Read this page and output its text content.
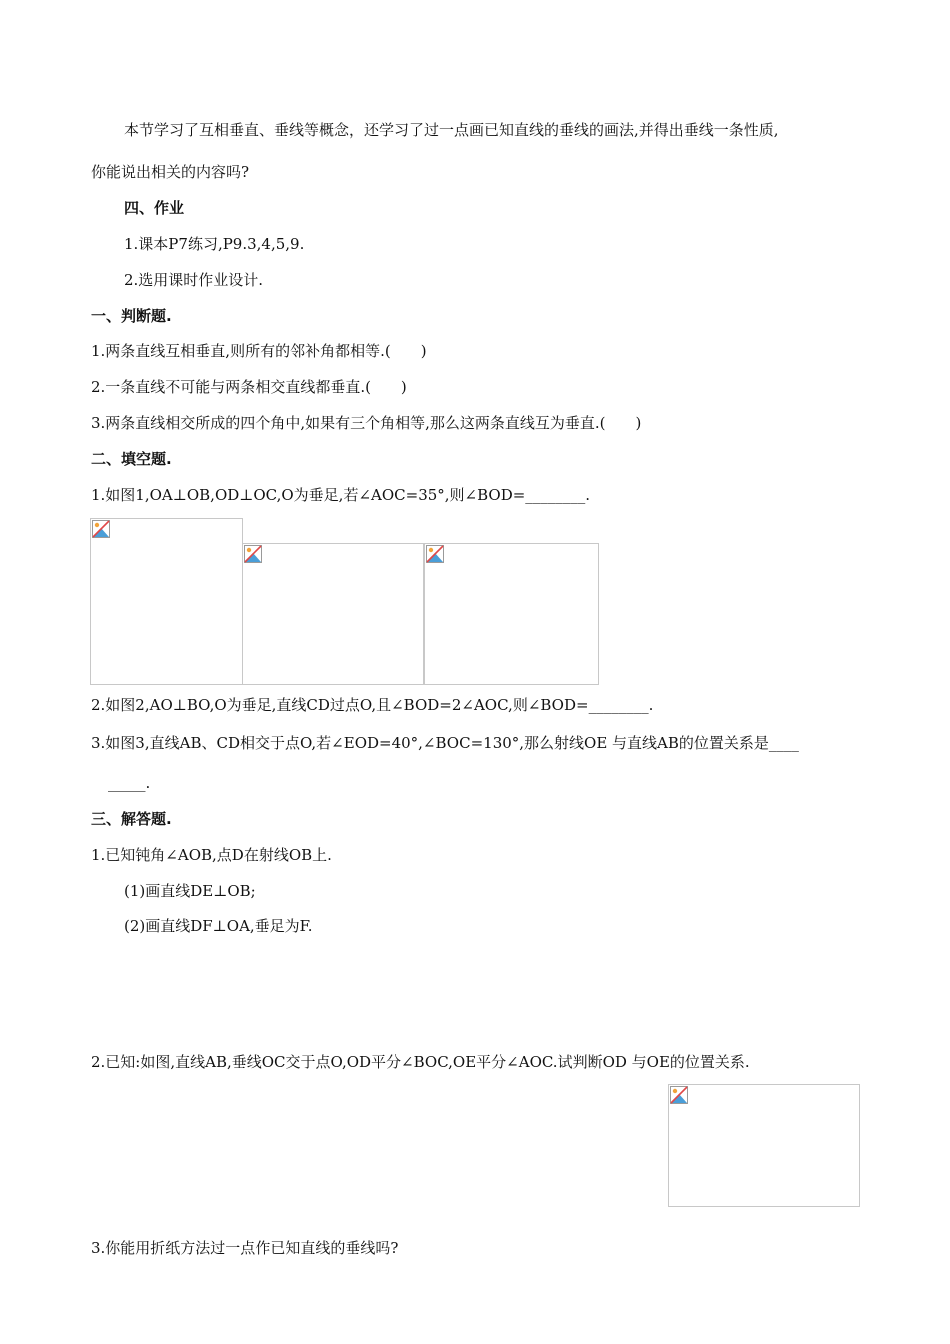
本节学习了互相垂直、垂线等概念，还学习了过一点画已知直线的垂线的画法,并得出垂线一条性质,
你能说出相关的内容吗?
四、作业
1.课本P7练习,P9.3,4,5,9.
2.选用课时作业设计.
一、判断题.
1.两条直线互相垂直,则所有的邻补角都相等.(　　)
2.一条直线不可能与两条相交直线都垂直.(　　)
3.两条直线相交所成的四个角中,如果有三个角相等,那么这两条直线互为垂直.(　　)
二、填空题.
1.如图1,OA⊥OB,OD⊥OC,O为垂足,若∠AOC=35°,则∠BOD=________.
2.如图2,AO⊥BO,O为垂足,直线CD过点O,且∠BOD=2∠AOC,则∠BOD=________.
3.如图3,直线AB、CD相交于点O,若∠EOD=40°,∠BOC=130°,那么射线OE 与直线AB的位置关系是____
_____.
三、解答题.
1.已知钝角∠AOB,点D在射线OB上.
(1)画直线DE⊥OB;
(2)画直线DF⊥OA,垂足为F.
2.已知:如图,直线AB,垂线OC交于点O,OD平分∠BOC,OE平分∠AOC.试判断OD 与OE的位置关系.
3.你能用折纸方法过一点作已知直线的垂线吗?
